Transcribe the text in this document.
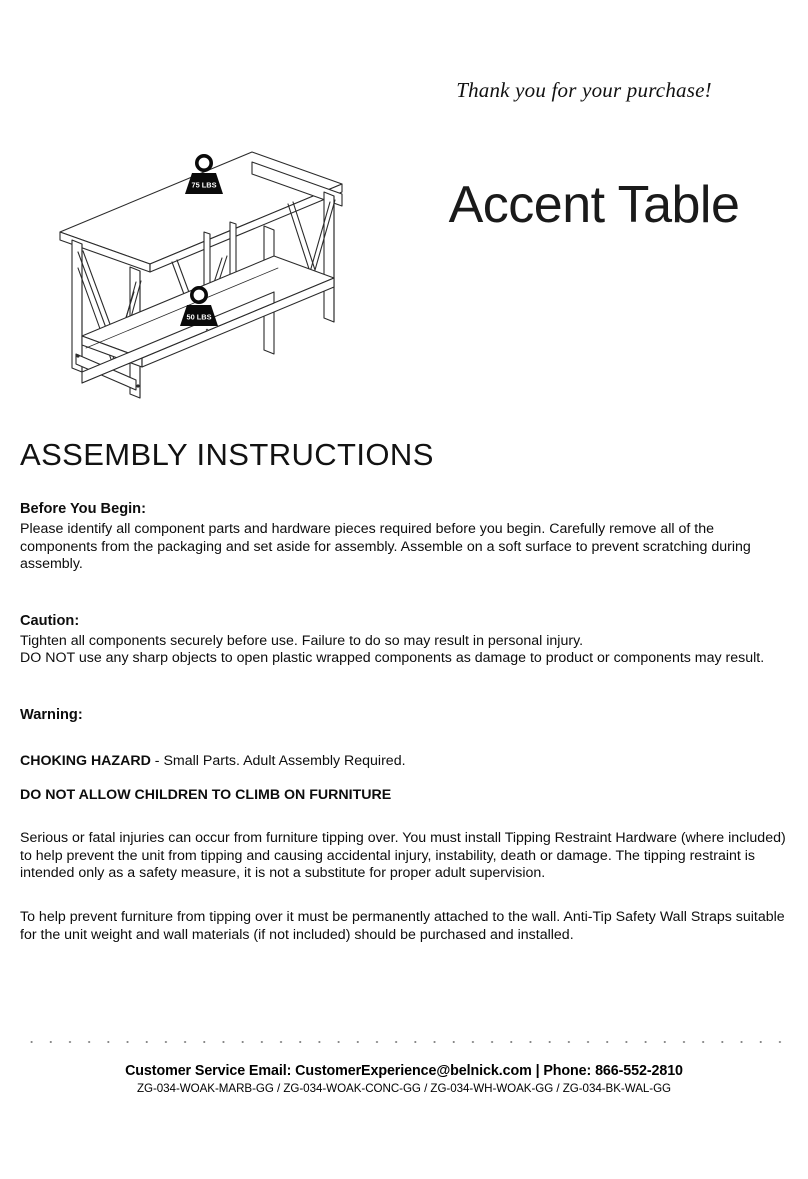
Thank you for your purchase!
Accent Table
75 LBS
50 LBS
ASSEMBLY INSTRUCTIONS

Before You Begin:

Please identify all component parts and hardware pieces required before you begin. Carefully remove all of the components from the packaging and set aside for assembly. Assemble on a soft surface to prevent scratching during assembly.

Caution:

Tighten all components securely before use. Failure to do so may result in personal injury.

DO NOT use any sharp objects to open plastic wrapped components as damage to product or components may result.

Warning:

CHOKING HAZARD - Small Parts. Adult Assembly Required.

DO NOT ALLOW CHILDREN TO CLIMB ON FURNITURE

Serious or fatal injuries can occur from furniture tipping over. You must install Tipping Restraint Hardware (where included) to help prevent the unit from tipping and causing accidental injury, instability, death or damage. The tipping restraint is intended only as a safety measure, it is not a substitute for proper adult supervision.

To help prevent furniture from tipping over it must be permanently attached to the wall. Anti-Tip Safety Wall Straps suitable for the unit weight and wall materials (if not included) should be purchased and installed.

Customer Service Email: CustomerExperience@belnick.com | Phone: 866-552-2810
ZG-034-WOAK-MARB-GG / ZG-034-WOAK-CONC-GG / ZG-034-WH-WOAK-GG / ZG-034-BK-WAL-GG
